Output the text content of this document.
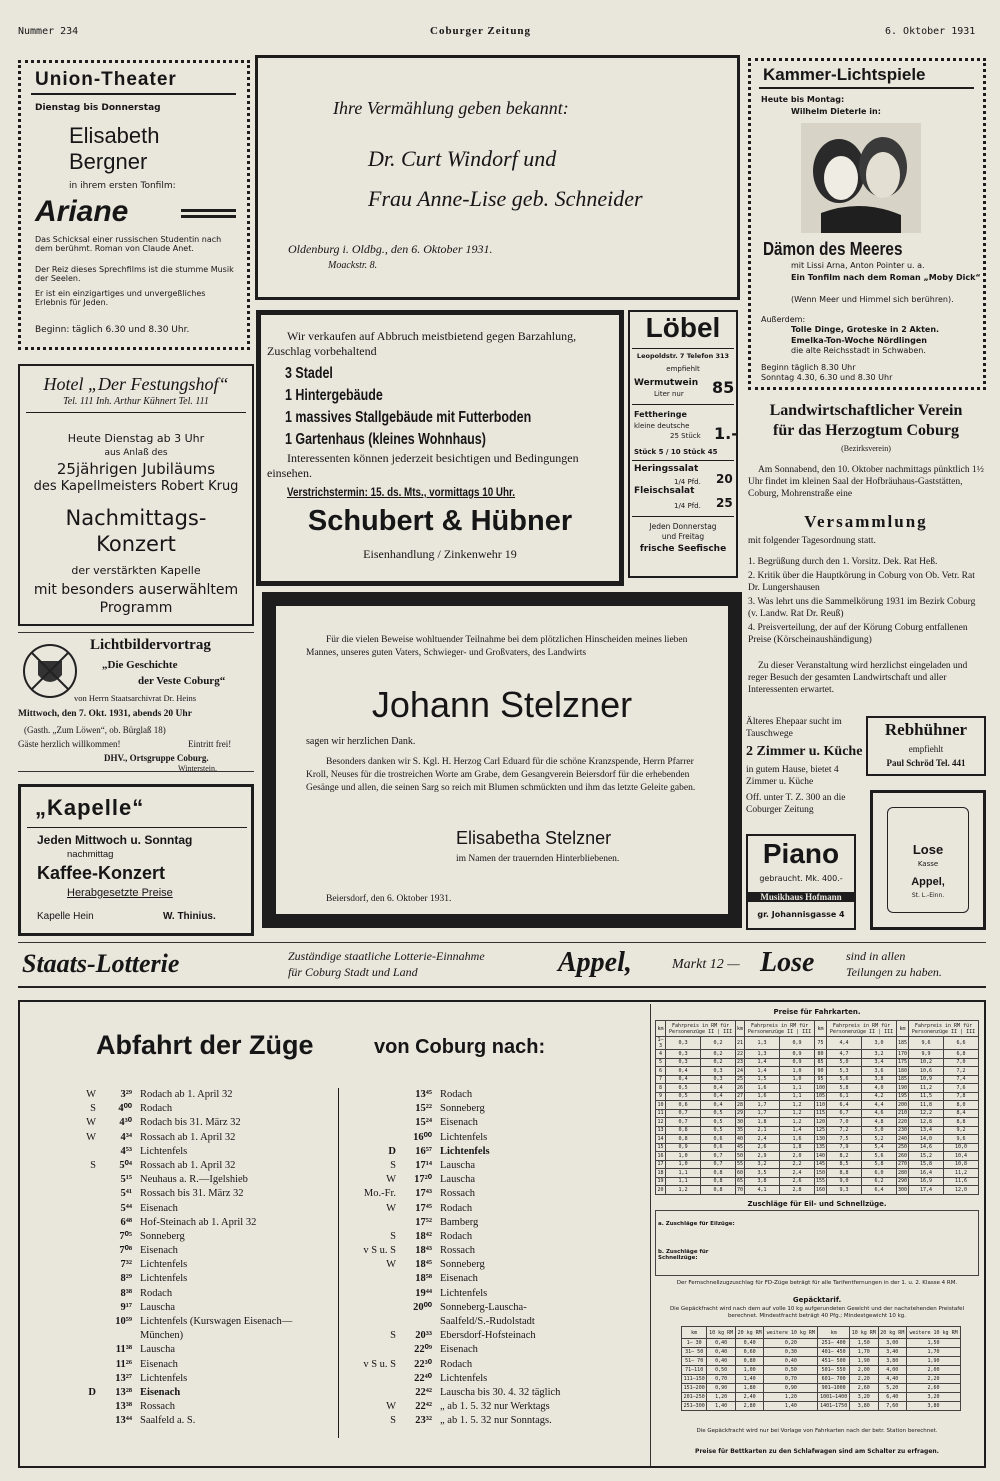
Nummer 234	Coburger Zeitung	6. Oktober 1931
Union-Theater
Dienstag bis Donnerstag
Elisabeth
Bergner
in ihrem ersten Tonfilm:
Ariane
Das Schicksal einer russischen Studentin nach dem berühmt. Roman von Claude Anet.
Der Reiz dieses Sprechfilms ist die stumme Musik der Seelen.
Er ist ein einzigartiges und unvergeßliches Erlebnis für Jeden.
Beginn: täglich 6.30 und 8.30 Uhr.
Ihre Vermählung geben bekannt:
Dr. Curt Windorf und
Frau Anne-Lise geb. Schneider
Oldenburg i. Oldbg., den 6. Oktober 1931.
Moackstr. 8.
Kammer-Lichtspiele
Heute bis Montag:
Wilhelm Dieterle in:
Dämon des Meeres
mit Lissi Arna, Anton Pointer u. a.
Ein Tonfilm nach dem Roman „Moby Dick“
(Wenn Meer und Himmel sich berühren).
Außerdem:
Tolle Dinge, Groteske in 2 Akten.
Emelka-Ton-Woche Nördlingen
die alte Reichsstadt in Schwaben.
Beginn täglich 8.30 Uhr
Sonntag 4.30, 6.30 und 8.30 Uhr
Hotel „Der Festungshof“
Tel. 111 Inh. Arthur Kühnert Tel. 111
Heute Dienstag ab 3 Uhr
aus Anlaß des
25jährigen Jubiläums
des Kapellmeisters Robert Krug
Nachmittags-
Konzert
der verstärkten Kapelle
mit besonders auserwähltem
Programm
Wir verkaufen auf Abbruch meistbietend gegen Barzahlung, Zuschlag vorbehaltend
3 Stadel
1 Hintergebäude
1 massives Stallgebäude mit Futterboden
1 Gartenhaus (kleines Wohnhaus)
Interessenten können jederzeit besichtigen und Bedingungen einsehen.
Verstrichstermin: 15. ds. Mts., vormittags 10 Uhr.
Schubert & Hübner
Eisenhandlung / Zinkenwehr 19
Löbel
Leopoldstr. 7 Telefon 313
empfiehlt
Wermutwein
Liter nur 85
Fettheringe
kleine deutsche
25 Stück 1.-
Stück 5 / 10 Stück 45
Heringssalat
1/4 Pfd. 20
Fleischsalat
1/4 Pfd. 25
Jeden Donnerstag
und Freitag
frische Seefische
Landwirtschaftlicher Verein
für das Herzogtum Coburg
(Bezirksverein)
Am Sonnabend, den 10. Oktober nachmittags pünktlich 1½ Uhr findet im kleinen Saal der Hofbräuhaus-Gaststätten, Coburg, Mohrenstraße eine
Versammlung
mit folgender Tagesordnung statt.
1. Begrüßung durch den 1. Vorsitz. Dek. Rat Heß.
2. Kritik über die Hauptkörung in Coburg von Ob. Vetr. Rat Dr. Lungershausen
3. Was lehrt uns die Sammelkörung 1931 im Bezirk Coburg (v. Landw. Rat Dr. Reuß)
4. Preisverteilung, der auf der Körung Coburg entfallenen Preise (Körscheinaushändigung)
Zu dieser Veranstaltung wird herzlichst eingeladen und reger Besuch der gesamten Landwirtschaft und aller Interessenten erwartet.
Lichtbildervortrag
„Die Geschichte
der Veste Coburg“
von Herrn Staatsarchivrat Dr. Heins
Mittwoch, den 7. Okt. 1931, abends 20 Uhr
(Gasth. „Zum Löwen“, ob. Bürglaß 18)
Gäste herzlich willkommen!	Eintritt frei!
DHV., Ortsgruppe Coburg.
Winterstein.
„Kapelle“
Jeden Mittwoch u. Sonntag
nachmittag
Kaffee-Konzert
Herabgesetzte Preise
Kapelle Hein	W. Thinius.
Für die vielen Beweise wohltuender Teilnahme bei dem plötzlichen Hinscheiden meines lieben Mannes, unseres guten Vaters, Schwieger- und Großvaters, des Landwirts
Johann Stelzner
sagen wir herzlichen Dank.
Besonders danken wir S. Kgl. H. Herzog Carl Eduard für die schöne Kranzspende, Herrn Pfarrer Kroll, Neuses für die trostreichen Worte am Grabe, dem Gesangverein Beiersdorf für die erhebenden Gesänge und allen, die seinen Sarg so reich mit Blumen schmückten und ihm das letzte Geleite gaben.
Elisabetha Stelzner
im Namen der trauernden Hinterbliebenen.
Beiersdorf, den 6. Oktober 1931.
Älteres Ehepaar sucht im Tauschwege
2 Zimmer u. Küche
in gutem Hause, bietet 4 Zimmer u. Küche
Off. unter T. Z. 300 an die Coburger Zeitung
Rebhühner
empfiehlt
Paul Schröd Tel. 441
Piano
gebraucht. Mk. 400.-
Musikhaus Hofmann
gr. Johannisgasse 4
Lose
Kasse
Appel,
St. L.-Einn.
Staats-Lotterie	Zuständige staatliche Lotterie-Einnahme
für Coburg Stadt und Land	Appel,	Markt 12 — Lose	sind in allen
Teilungen zu haben.
Abfahrt der Züge	von Coburg nach:
W 3²⁹ Rodach ab 1. April 32
S 4⁰⁰ Rodach
W 4³⁰ Rodach bis 31. März 32
W 4³⁴ Rossach ab 1. April 32
4⁵³ Lichtenfels
S 5⁰⁴ Rossach ab 1. April 32
5¹⁵ Neuhaus a. R.—Igelshieb
5⁴¹ Rossach bis 31. März 32
5⁴⁴ Eisenach
6⁴⁸ Hof-Steinach ab 1. April 32
7⁰⁵ Sonneberg
7⁰⁸ Eisenach
7³² Lichtenfels
8²⁹ Lichtenfels
8³⁸ Rodach
9¹⁷ Lauscha
10⁵⁹ Lichtenfels (Kurswagen Eisenach—
München)
11³⁸ Lauscha
11²⁶ Eisenach
13²⁷ Lichtenfels
D 13²⁸ Eisenach
13³⁸ Rossach
13⁴⁴ Saalfeld a. S.
13⁴⁵ Rodach
15²² Sonneberg
15²⁴ Eisenach
16⁰⁰ Lichtenfels
D 16⁵⁷ Lichtenfels
S 17¹⁴ Lauscha
W 17²⁰ Lauscha
Mo.-Fr. 17⁴³ Rossach
W 17⁴⁵ Rodach
17⁵² Bamberg
S 18⁴² Rodach
v S u. S 18⁴³ Rossach
W 18⁴⁵ Sonneberg
18⁵⁸ Eisenach
19⁴⁴ Lichtenfels
20⁰⁰ Sonneberg-Lauscha-
Saalfeld/S.-Rudolstadt
S 20³³ Ebersdorf-Hofsteinach
22⁰⁹ Eisenach
v S u. S 22³⁰ Rodach
22⁴⁰ Lichtenfels
22⁴² Lauscha bis 30. 4. 32 täglich
W 22⁴² „ ab 1. 5. 32 nur Werktags
S 23³² „ ab 1. 5. 32 nur Sonntags.
Preise für Fahrkarten.
km	Fahrpreis in RM für Personenzüge II | III		km	Fahrpreis in RM für Personenzüge II | III		km	Fahrpreis in RM für Personenzüge II | III		km	Fahrpreis in RM für Personenzüge II | III	
1—3	0,3	0,2	21	1,3	0,9	75	4,4	3,0	185	9,6	6,6
4	0,3	0,2	22	1,3	0,9	80	4,7	3,2	170	9,9	6,8
5	0,3	0,2	23	1,4	0,9	85	5,0	3,4	175	10,2	7,0
6	0,4	0,3	24	1,4	1,0	90	5,3	3,6	180	10,6	7,2
7	0,4	0,3	25	1,5	1,0	95	5,6	3,8	185	10,9	7,4
8	0,5	0,4	26	1,6	1,1	100	5,8	4,0	190	11,2	7,6
9	0,5	0,4	27	1,6	1,1	105	6,1	4,2	195	11,5	7,8
10	0,6	0,4	28	1,7	1,2	110	6,4	4,4	200	11,8	8,0
11	0,7	0,5	29	1,7	1,2	115	6,7	4,6	210	12,2	8,4
12	0,7	0,5	30	1,8	1,2	120	7,0	4,8	220	12,8	8,8
13	0,8	0,5	35	2,1	1,4	125	7,2	5,0	230	13,4	9,2
14	0,8	0,6	40	2,4	1,6	130	7,5	5,2	240	14,0	9,6
15	0,9	0,6	45	2,6	1,8	135	7,9	5,4	250	14,6	10,0
16	1,0	0,7	50	2,9	2,0	140	8,2	5,6	260	15,2	10,4
17	1,0	0,7	55	3,2	2,2	145	8,5	5,8	270	15,8	10,8
18	1,1	0,8	60	3,5	2,4	150	8,8	6,0	280	16,4	11,2
19	1,1	0,8	65	3,8	2,6	155	9,0	6,2	290	16,9	11,6
20	1,2	0,8	70	4,1	2,8	160	9,3	6,4	300	17,4	12,0
Zuschläge für Eil- und Schnellzüge.
a. Zuschläge für Eilzüge:
b. Zuschläge für Schnellzüge:
Der Fernschnellzugzuschlag für FD-Züge beträgt für alle Tarifentfernungen in der 1. u. 2. Klasse 4 RM.
Gepäcktarif.
Die Gepäckfracht wird nach dem auf volle 10 kg aufgerundeten Gewicht und der nachstehenden Preistafel berechnet. Mindestfracht beträgt 40 Pfg.; Mindestgewicht 10 kg.
km	10 kg RM	20 kg RM	weitere 10 kg RM	km	10 kg RM	20 kg RM	weitere 10 kg RM
1— 30	0,40	0,40	0,20	251— 400	1,50	3,00	1,50
31— 50	0,40	0,60	0,30	401— 450	1,70	3,40	1,70
51— 70	0,40	0,80	0,40	451— 500	1,90	3,80	1,90
71—110	0,50	1,00	0,50	501— 550	2,00	4,00	2,00
111—150	0,70	1,40	0,70	601— 700	2,20	4,40	2,20
151—200	0,90	1,80	0,90	901—1000	2,60	5,20	2,60
201—250	1,20	2,40	1,20	1001—1400	3,20	6,40	3,20
251—300	1,40	2,80	1,40	1401—1750	3,80	7,60	3,80
Die Gepäckfracht wird nur bei Vorlage von Fahrkarten nach der betr. Station berechnet.
Preise für Bettkarten zu den Schlafwagen sind am Schalter zu erfragen.
